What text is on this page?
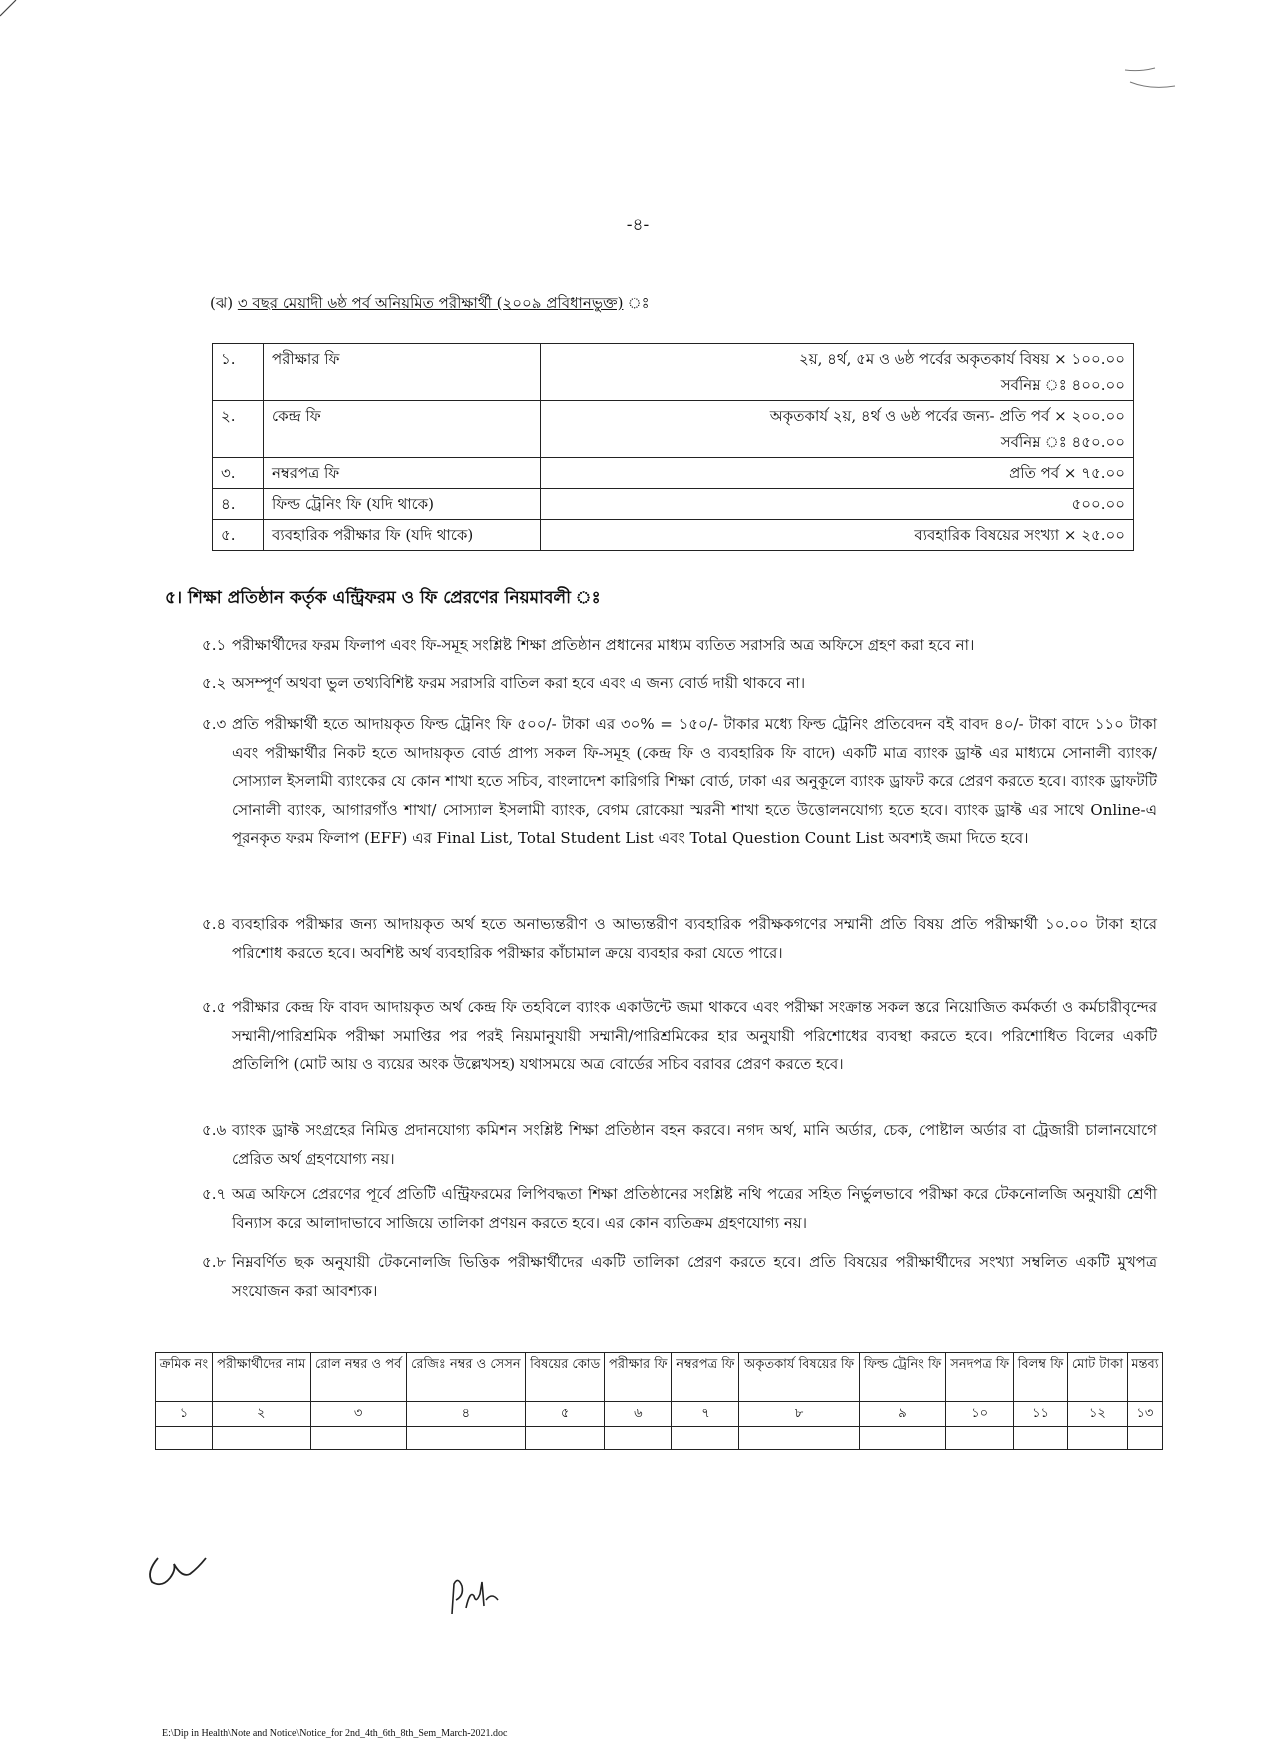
-৪-
(ঝ) ৩ বছর মেয়াদী ৬ষ্ঠ পর্ব অনিয়মিত পরীক্ষার্থী (২০০৯ প্রবিধানভুক্ত)
১.	পরীক্ষার ফি	২য়, ৪র্থ, ৫ম ও ৬ষ্ঠ পর্বের অকৃতকার্য বিষয় × ১০০.০০
সর্বনিম্ন ঃ ৪০০.০০

২.	কেন্দ্র ফি	অকৃতকার্য ২য়, ৪র্থ ও ৬ষ্ঠ পর্বের জন্য- প্রতি পর্ব × ২০০.০০
সর্বনিম্ন ঃ ৪৫০.০০

৩.	নম্বরপত্র ফি	প্রতি পর্ব × ৭৫.০০
৪.	ফিল্ড ট্রেনিং ফি (যদি থাকে)	৫০০.০০
৫.	ব্যবহারিক পরীক্ষার ফি (যদি থাকে)	ব্যবহারিক বিষয়ের সংখ্যা × ২৫.০০
৫। শিক্ষা প্রতিষ্ঠান কর্তৃক এন্ট্রিফরম ও ফি প্রেরণের নিয়মাবলী ঃ
৫.১ পরীক্ষার্থীদের ফরম ফিলাপ এবং ফি-সমূহ সংশ্লিষ্ট শিক্ষা প্রতিষ্ঠান প্রধানের মাধ্যম ব্যতিত সরাসরি অত্র অফিসে গ্রহণ করা হবে না।
৫.২ অসম্পূর্ণ অথবা ভুল তথ্যবিশিষ্ট ফরম সরাসরি বাতিল করা হবে এবং এ জন্য বোর্ড দায়ী থাকবে না।
৫.৩ প্রতি পরীক্ষার্থী হতে আদায়কৃত ফিল্ড ট্রেনিং ফি ৫০০/- টাকা এর ৩০% = ১৫০/- টাকার মধ্যে ফিল্ড ট্রেনিং প্রতিবেদন বই বাবদ ৪০/- টাকা বাদে ১১০ টাকা এবং পরীক্ষার্থীর নিকট হতে আদায়কৃত বোর্ড প্রাপ্য সকল ফি-সমূহ (কেন্দ্র ফি ও ব্যবহারিক ফি বাদে) একটি মাত্র ব্যাংক ড্রাফ্ট এর মাধ্যমে সোনালী ব্যাংক/ সোস্যাল ইসলামী ব্যাংকের যে কোন শাখা হতে সচিব, বাংলাদেশ কারিগরি শিক্ষা বোর্ড, ঢাকা এর অনুকূলে ব্যাংক ড্রাফট করে প্রেরণ করতে হবে। ব্যাংক ড্রাফটটি সোনালী ব্যাংক, আগারগাঁও শাখা/ সোস্যাল ইসলামী ব্যাংক, বেগম রোকেয়া স্মরনী শাখা হতে উত্তোলনযোগ্য হতে হবে। ব্যাংক ড্রাফ্ট এর সাথে Online-এ পূরনকৃত ফরম ফিলাপ (EFF) এর Final List, Total Student List এবং Total Question Count List অবশ্যই জমা দিতে হবে।
৫.৪ ব্যবহারিক পরীক্ষার জন্য আদায়কৃত অর্থ হতে অনাভ্যন্তরীণ ও আভ্যন্তরীণ ব্যবহারিক পরীক্ষকগণের সম্মানী প্রতি বিষয় প্রতি পরীক্ষার্থী ১০.০০ টাকা হারে পরিশোধ করতে হবে। অবশিষ্ট অর্থ ব্যবহারিক পরীক্ষার কাঁচামাল ক্রয়ে ব্যবহার করা যেতে পারে।
৫.৫ পরীক্ষার কেন্দ্র ফি বাবদ আদায়কৃত অর্থ কেন্দ্র ফি তহবিলে ব্যাংক একাউন্টে জমা থাকবে এবং পরীক্ষা সংক্রান্ত সকল স্তরে নিয়োজিত কর্মকর্তা ও কর্মচারীবৃন্দের সম্মানী/পারিশ্রমিক পরীক্ষা সমাপ্তির পর পরই নিয়মানুযায়ী সম্মানী/পারিশ্রমিকের হার অনুযায়ী পরিশোধের ব্যবস্থা করতে হবে। পরিশোধিত বিলের একটি প্রতিলিপি (মোট আয় ও ব্যয়ের অংক উল্লেখসহ) যথাসময়ে অত্র বোর্ডের সচিব বরাবর প্রেরণ করতে হবে।
৫.৬ ব্যাংক ড্রাফ্ট সংগ্রহের নিমিত্ত প্রদানযোগ্য কমিশন সংশ্লিষ্ট শিক্ষা প্রতিষ্ঠান বহন করবে। নগদ অর্থ, মানি অর্ডার, চেক, পোষ্টাল অর্ডার বা ট্রেজারী চালানযোগে প্রেরিত অর্থ গ্রহণযোগ্য নয়।
৫.৭ অত্র অফিসে প্রেরণের পূর্বে প্রতিটি এন্ট্রিফরমের লিপিবদ্ধতা শিক্ষা প্রতিষ্ঠানের সংশ্লিষ্ট নথি পত্রের সহিত নির্ভুলভাবে পরীক্ষা করে টেকনোলজি অনুযায়ী শ্রেণী বিন্যাস করে আলাদাভাবে সাজিয়ে তালিকা প্রণয়ন করতে হবে। এর কোন ব্যতিক্রম গ্রহণযোগ্য নয়।
৫.৮ নিম্নবর্ণিত ছক অনুযায়ী টেকনোলজি ভিত্তিক পরীক্ষার্থীদের একটি তালিকা প্রেরণ করতে হবে। প্রতি বিষয়ের পরীক্ষার্থীদের সংখ্যা সম্বলিত একটি মুখপত্র সংযোজন করা আবশ্যক।
ক্রমিক নং	পরীক্ষার্থীদের নাম	রোল নম্বর ও পর্ব	রেজিঃ নম্বর ও সেসন	বিষয়ের কোড	পরীক্ষার ফি	নম্বরপত্র ফি	অকৃতকার্য বিষয়ের ফি	ফিল্ড ট্রেনিং ফি	সনদপত্র ফি	বিলম্ব ফি	মোট টাকা	মন্তব্য
১	২	৩	৪	৫	৬	৭	৮	৯	১০	১১	১২	১৩

E:\Dip in Health\Note and Notice\Notice_for 2nd_4th_6th_8th_Sem_March-2021.doc
